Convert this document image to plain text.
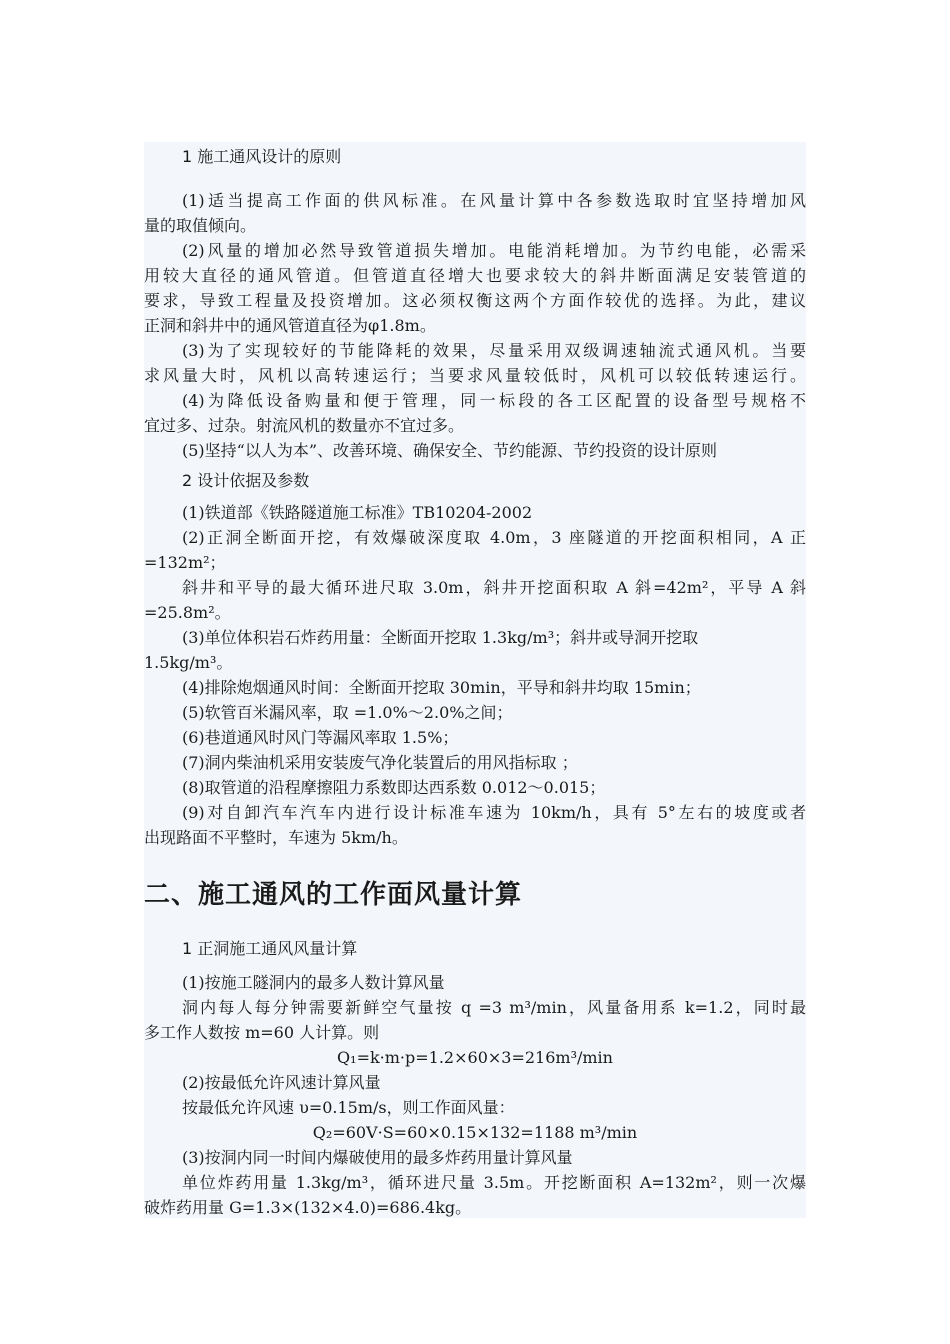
1 施工通风设计的原则
(1)适当提高工作面的供风标准。在风量计算中各参数选取时宜坚持增加风
量的取值倾向。
(2)风量的增加必然导致管道损失增加。电能消耗增加。为节约电能，必需采
用较大直径的通风管道。但管道直径增大也要求较大的斜井断面满足安装管道的
要求，导致工程量及投资增加。这必须权衡这两个方面作较优的选择。为此，建议
正洞和斜井中的通风管道直径为φ1.8m。
(3)为了实现较好的节能降耗的效果，尽量采用双级调速轴流式通风机。当要
求风量大时，风机以高转速运行；当要求风量较低时，风机可以较低转速运行。
(4)为降低设备购量和便于管理，同一标段的各工区配置的设备型号规格不
宜过多、过杂。射流风机的数量亦不宜过多。
(5)坚持“以人为本”、改善环境、确保安全、节约能源、节约投资的设计原则
2 设计依据及参数
(1)铁道部《铁路隧道施工标准》TB10204-2002
(2)正洞全断面开挖，有效爆破深度取 4.0m，3 座隧道的开挖面积相同，A 正
=132m²；
斜井和平导的最大循环进尺取 3.0m，斜井开挖面积取 A 斜=42m²，平导 A 斜
=25.8m²。
(3)单位体积岩石炸药用量：全断面开挖取 1.3kg/m³；斜井或导洞开挖取
1.5kg/m³。
(4)排除炮烟通风时间：全断面开挖取 30min，平导和斜井均取 15min；
(5)软管百米漏风率，取 =1.0%～2.0%之间；
(6)巷道通风时风门等漏风率取 1.5%；
(7)洞内柴油机采用安装废气净化装置后的用风指标取 ；
(8)取管道的沿程摩擦阻力系数即达西系数 0.012～0.015；
(9)对自卸汽车汽车内进行设计标准车速为 10km/h，具有 5°左右的坡度或者
出现路面不平整时，车速为 5km/h。
二、施工通风的工作面风量计算
1 正洞施工通风风量计算
(1)按施工隧洞内的最多人数计算风量
洞内每人每分钟需要新鲜空气量按 q =3 m³/min，风量备用系 k=1.2，同时最
多工作人数按 m=60 人计算。则
Q₁=k·m·p=1.2×60×3=216m³/min
(2)按最低允许风速计算风量
按最低允许风速 υ=0.15m/s，则工作面风量：
Q₂=60V·S=60×0.15×132=1188 m³/min
(3)按洞内同一时间内爆破使用的最多炸药用量计算风量
单位炸药用量 1.3kg/m³，循环进尺量 3.5m。开挖断面积 A=132m²，则一次爆
破炸药用量 G=1.3×(132×4.0)=686.4kg。
